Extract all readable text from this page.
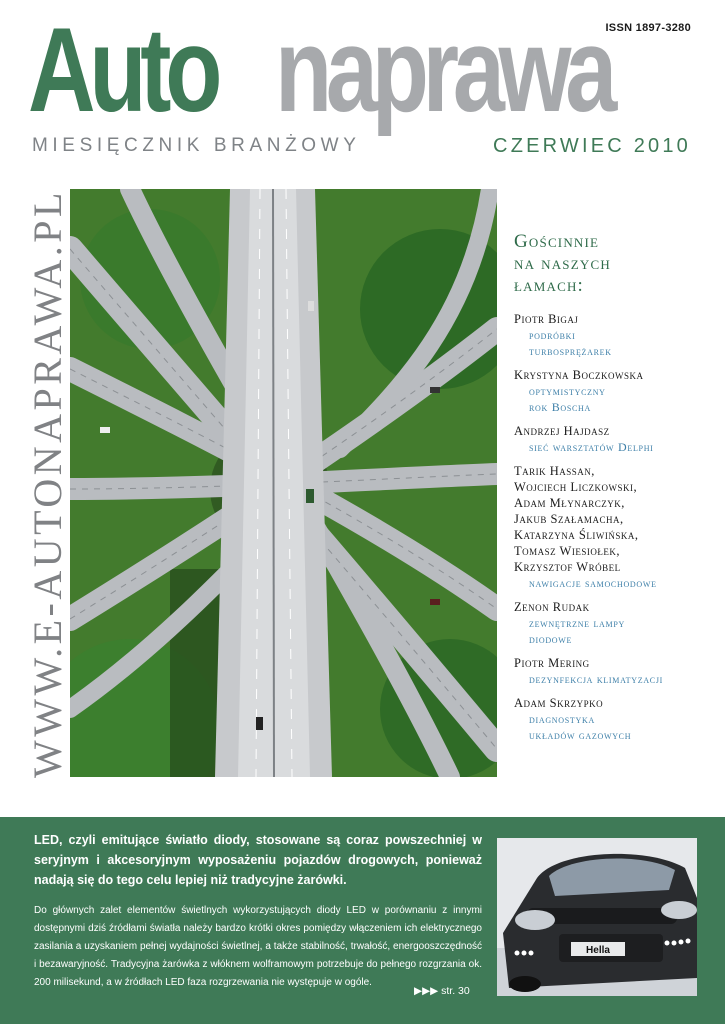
ISSN 1897-3280
Auto naprawa
MIESIĘCZNIK BRANŻOWY	CZERWIEC 2010
WWW.E-AUTONAPRAWA.PL	Gościnnie
na naszych
łamach:
Piotr Bigaj
podróbki
turbosprężarek
Krystyna Boczkowska
optymistyczny
rok Boscha
Andrzej Hajdasz
sieć warsztatów Delphi
Tarik Hassan,
Wojciech Liczkowski,
Adam Młynarczyk,
Jakub Szałamacha,
Katarzyna Śliwińska,
Tomasz Wiesiołek,
Krzysztof Wróbel
nawigacje samochodowe
Zenon Rudak
zewnętrzne lampy
diodowe
Piotr Mering
dezynfekcja klimatyzacji
Adam Skrzypko
diagnostyka
układów gazowych
LED, czyli emitujące światło diody, stosowane są coraz powszechniej w seryjnym i akcesoryjnym wyposażeniu pojazdów drogowych, ponieważ nadają się do tego celu lepiej niż tradycyjne żarówki.
Do głównych zalet elementów świetlnych wykorzystujących diody LED w porównaniu z innymi dostępnymi dziś źródłami światła należy bardzo krótki okres pomiędzy włączeniem ich elektrycznego zasilania a uzyskaniem pełnej wydajności świetlnej, a także stabilność, trwałość, energooszczędność i bezawaryjność. Tradycyjna żarówka z włóknem wolframowym potrzebuje do pełnego rozgrzania ok. 200 milisekund, a w źródłach LED faza rozgrzewania nie występuje w ogóle.
▶▶▶ str. 30
Hella
